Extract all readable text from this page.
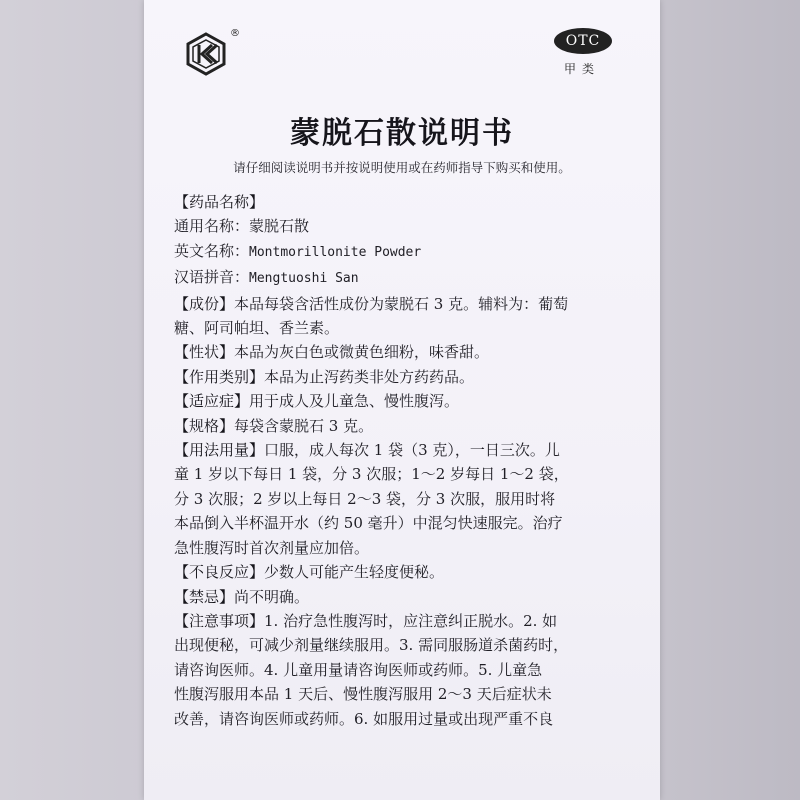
®	OTC
甲类
蒙脱石散说明书
请仔细阅读说明书并按说明使用或在药师指导下购买和使用。
【药品名称】
通用名称：蒙脱石散
英文名称：Montmorillonite Powder
汉语拼音：Mengtuoshi San
【成份】本品每袋含活性成份为蒙脱石 3 克。辅料为：葡萄
糖、阿司帕坦、香兰素。
【性状】本品为灰白色或微黄色细粉，味香甜。
【作用类别】本品为止泻药类非处方药药品。
【适应症】用于成人及儿童急、慢性腹泻。
【规格】每袋含蒙脱石 3 克。
【用法用量】口服，成人每次 1 袋（3 克），一日三次。儿
童 1 岁以下每日 1 袋，分 3 次服；1～2 岁每日 1～2 袋，
分 3 次服；2 岁以上每日 2～3 袋，分 3 次服，服用时将
本品倒入半杯温开水（约 50 毫升）中混匀快速服完。治疗
急性腹泻时首次剂量应加倍。
【不良反应】少数人可能产生轻度便秘。
【禁忌】尚不明确。
【注意事项】1. 治疗急性腹泻时，应注意纠正脱水。2. 如
出现便秘，可减少剂量继续服用。3. 需同服肠道杀菌药时，
请咨询医师。4. 儿童用量请咨询医师或药师。5. 儿童急
性腹泻服用本品 1 天后、慢性腹泻服用 2～3 天后症状未
改善，请咨询医师或药师。6. 如服用过量或出现严重不良
